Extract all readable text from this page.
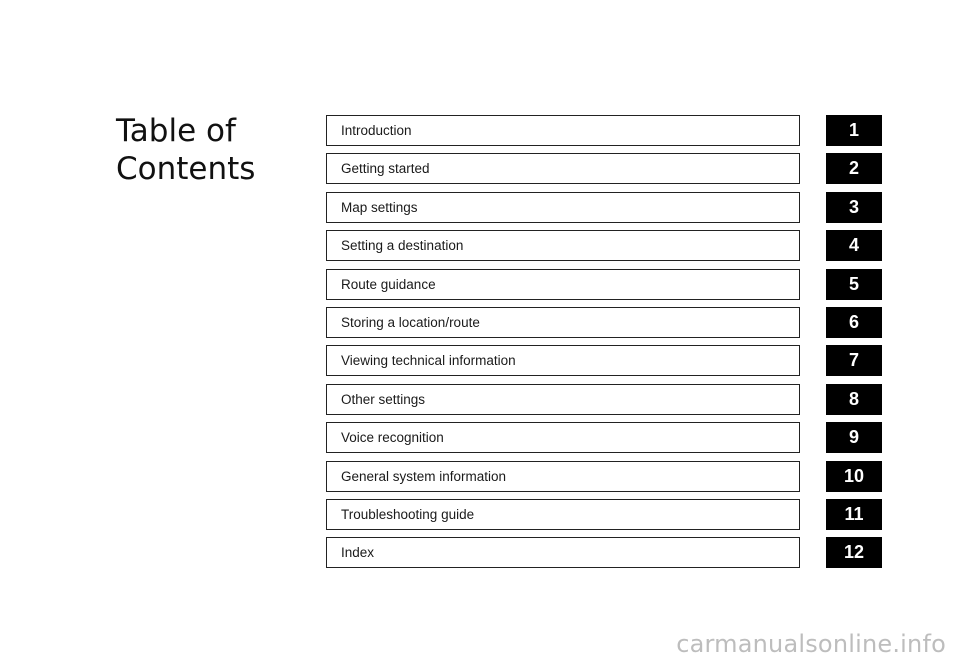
Table of
Contents
Introduction	1
Getting started	2
Map settings	3
Setting a destination	4
Route guidance	5
Storing a location/route	6
Viewing technical information	7
Other settings	8
Voice recognition	9
General system information	10
Troubleshooting guide	11
Index	12
carmanualsonline.info
